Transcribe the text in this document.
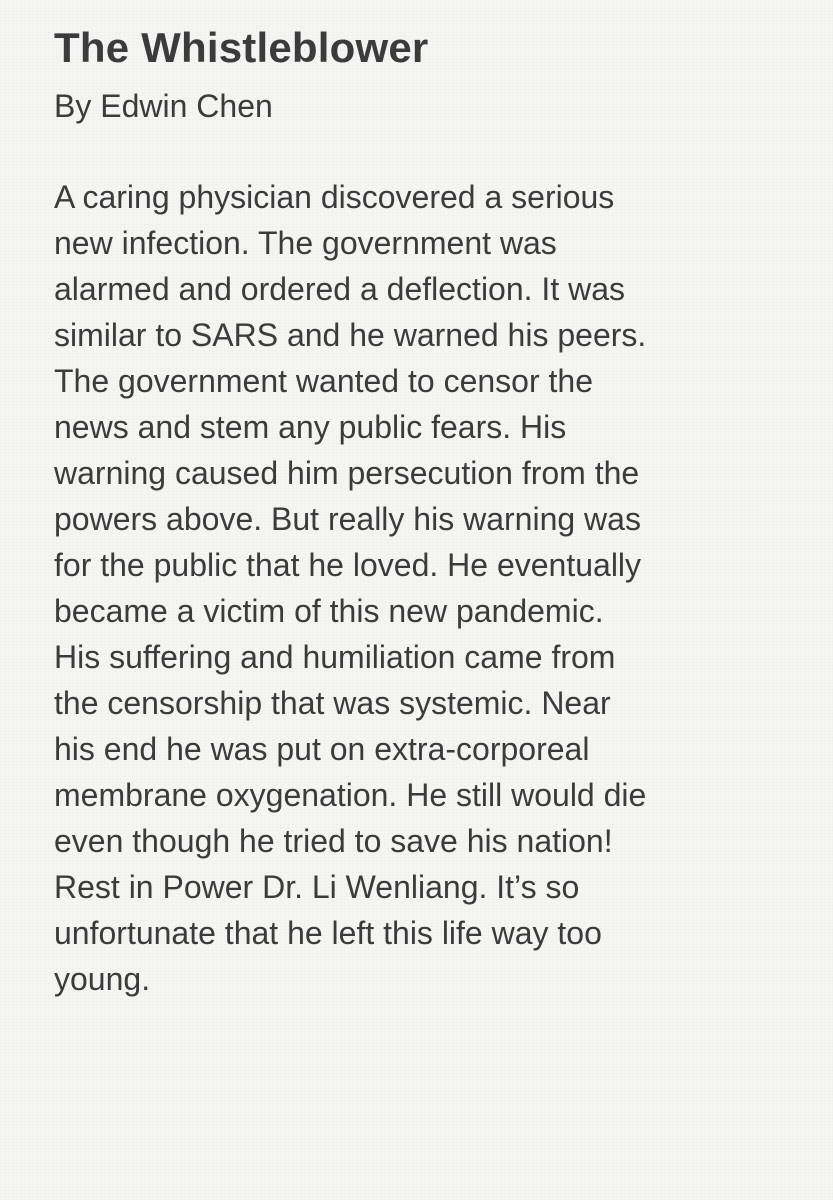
The Whistleblower
By Edwin Chen
A caring physician discovered a serious
new infection. The government was
alarmed and ordered a deflection. It was
similar to SARS and he warned his peers.
The government wanted to censor the
news and stem any public fears. His
warning caused him persecution from the
powers above. But really his warning was
for the public that he loved. He eventually
became a victim of this new pandemic.
His suffering and humiliation came from
the censorship that was systemic. Near
his end he was put on extra-corporeal
membrane oxygenation. He still would die
even though he tried to save his nation!
Rest in Power Dr. Li Wenliang. It’s so
unfortunate that he left this life way too
young.
